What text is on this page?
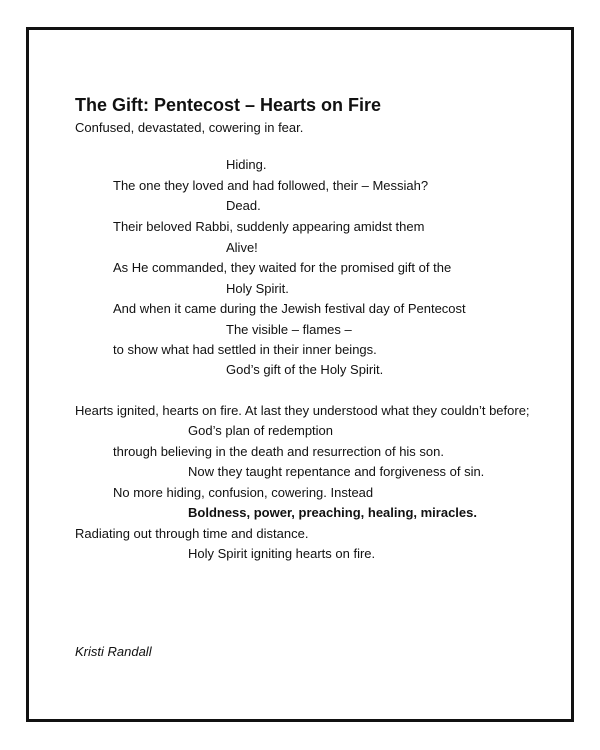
The Gift: Pentecost – Hearts on Fire
Confused, devastated, cowering in fear.
Hiding.
The one they loved and had followed, their – Messiah?
Dead.
Their beloved Rabbi, suddenly appearing amidst them
Alive!
As He commanded, they waited for the promised gift of the
Holy Spirit.
And when it came during the Jewish festival day of Pentecost
The visible – flames –
to show what had settled in their inner beings.
God’s gift of the Holy Spirit.
Hearts ignited, hearts on fire. At last they understood what they couldn’t before;
God’s plan of redemption
through believing in the death and resurrection of his son.
Now they taught repentance and forgiveness of sin.
No more hiding, confusion, cowering. Instead
Boldness, power, preaching, healing, miracles.
Radiating out through time and distance.
Holy Spirit igniting hearts on fire.
Kristi Randall
